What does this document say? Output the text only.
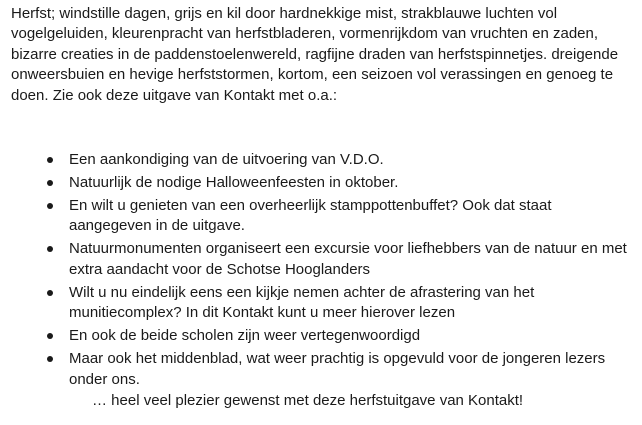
Herfst; windstille dagen, grijs en kil door hardnekkige mist, strakblauwe luchten vol vogelgeluiden, kleurenpracht van herfstbladeren, vormenrijkdom van vruchten en zaden, bizarre creaties in de paddenstoelenwereld, ragfijne draden van herfstspinnetjes. dreigende onweersbuien en hevige herfststormen, kortom, een seizoen vol verassingen en genoeg te doen. Zie ook deze uitgave van Kontakt met o.a.:

Een aankondiging van de uitvoering van V.D.O.
Natuurlijk de nodige Halloweenfeesten in oktober.
En wilt u genieten van een overheerlijk stamppottenbuffet? Ook dat staat aangegeven in de uitgave.
Natuurmonumenten organiseert een excursie voor liefhebbers van de natuur en met extra aandacht voor de Schotse Hooglanders
Wilt u nu eindelijk eens een kijkje nemen achter de afrastering van het munitiecomplex? In dit Kontakt kunt u meer hierover lezen
En ook de beide scholen zijn weer vertegenwoordigd
Maar ook het middenblad, wat weer prachtig is opgevuld voor de jongeren lezers onder ons.

… heel veel plezier gewenst met deze herfstuitgave van Kontakt!
